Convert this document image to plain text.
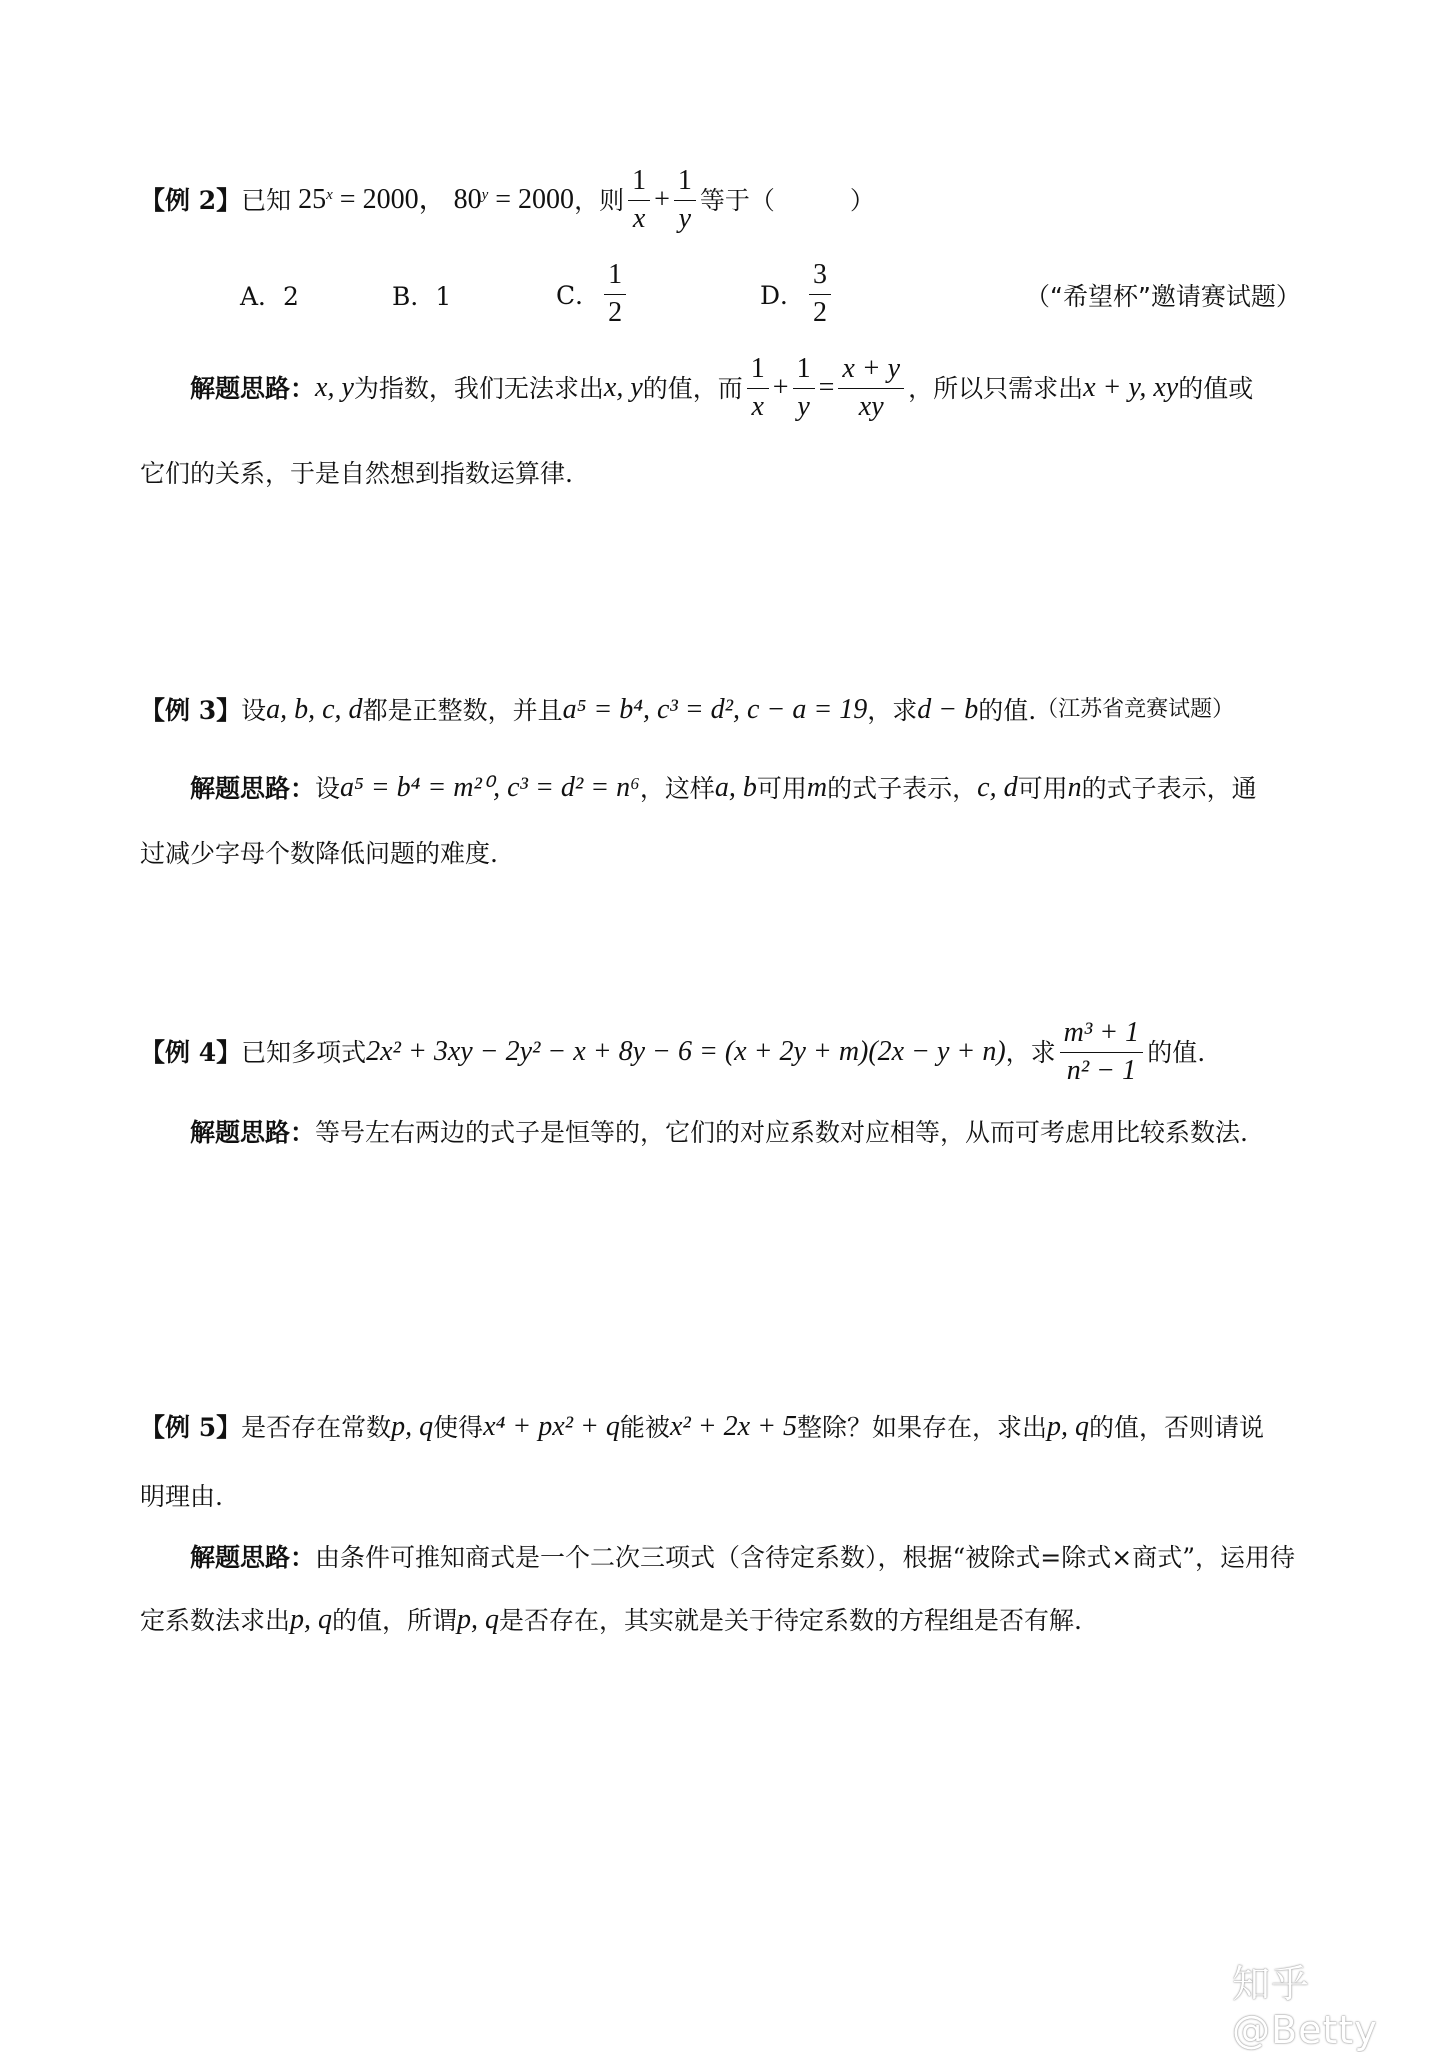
【例 2】 已知 $25^x = 2000$， $80^y = 2000$ ，则 $\frac{1}{x} + \frac{1}{y}$ 等于（　　　）
A．2	B．1	C． $\frac{1}{2}$	D． $\frac{3}{2}$	（“希望杯”邀请赛试题）
解题思路： x, y 为指数，我们无法求出 x, y 的值，而 $\frac{1}{x} + \frac{1}{y} = \frac{x + y}{xy}$ ，所以只需求出 x + y, xy 的值或
它们的关系，于是自然想到指数运算律.
【例 3】 设 a, b, c, d 都是正整数，并且 a⁵ = b⁴, c³ = d², c − a = 19 ，求 d − b 的值. （江苏省竞赛试题）
解题思路： 设 a⁵ = b⁴ = m²⁰, c³ = d² = n⁶ ，这样 a, b 可用 m 的式子表示， c, d 可用 n 的式子表示，通
过减少字母个数降低问题的难度.
【例 4】 已知多项式 2x² + 3xy − 2y² − x + 8y − 6 = (x + 2y + m)(2x − y + n) ，求 $\frac{\text{m³ + 1}}{\text{n² − 1}}$ 的值.
解题思路： 等号左右两边的式子是恒等的，它们的对应系数对应相等，从而可考虑用比较系数法.
【例 5】 是否存在常数 p, q 使得 x⁴ + px² + q 能被 x² + 2x + 5 整除？如果存在，求出 p, q 的值，否则请说
明理由.
解题思路： 由条件可推知商式是一个二次三项式（含待定系数），根据“被除式=除式×商式”，运用待
定系数法求出 p, q 的值，所谓 p, q 是否存在，其实就是关于待定系数的方程组是否有解.
知乎 @Betty
